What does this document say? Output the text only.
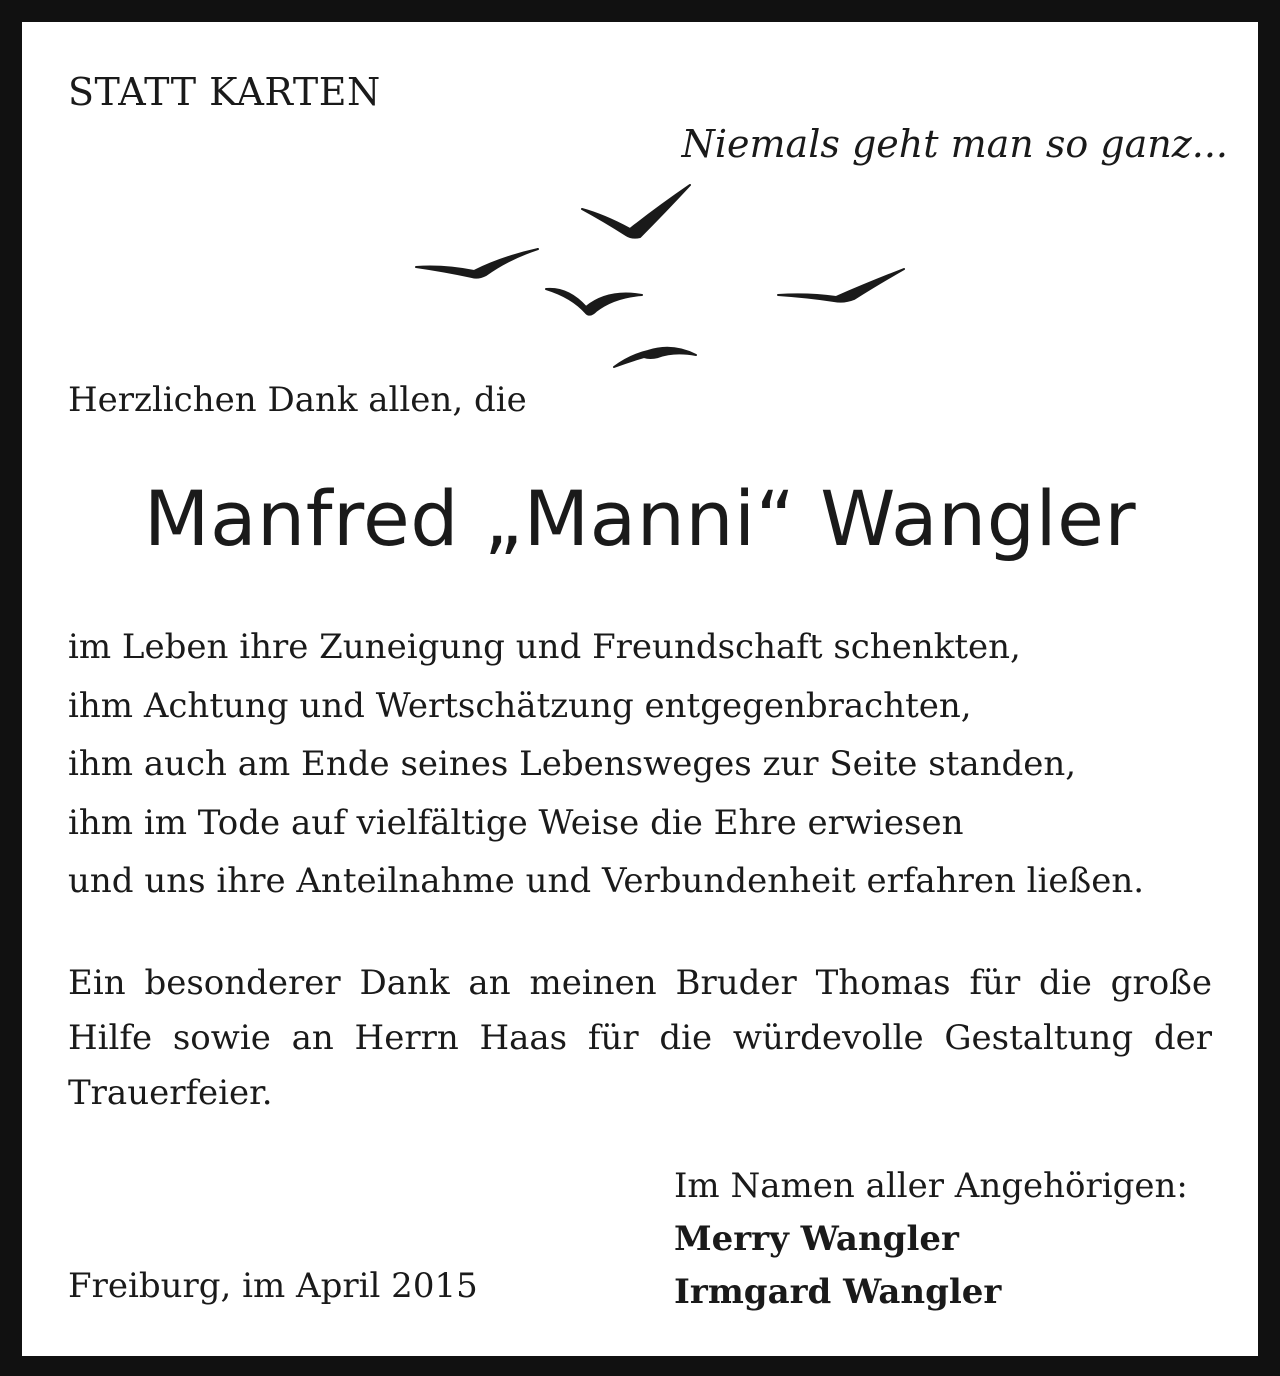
STATT KARTEN

Niemals geht man so ganz...

Herzlichen Dank allen, die

Manfred „Manni“ Wangler

im Leben ihre Zuneigung und Freundschaft schenkten,
ihm Achtung und Wertschätzung entgegenbrachten,
ihm auch am Ende seines Lebensweges zur Seite standen,
ihm im Tode auf vielfältige Weise die Ehre erwiesen
und uns ihre Anteilnahme und Verbundenheit erfahren ließen.

Ein besonderer Dank an meinen Bruder Thomas für die große Hilfe sowie an Herrn Haas für die würdevolle Gestaltung der Trauerfeier.

Im Namen aller Angehörigen:
Merry Wangler
Irmgard Wangler

Freiburg, im April 2015
